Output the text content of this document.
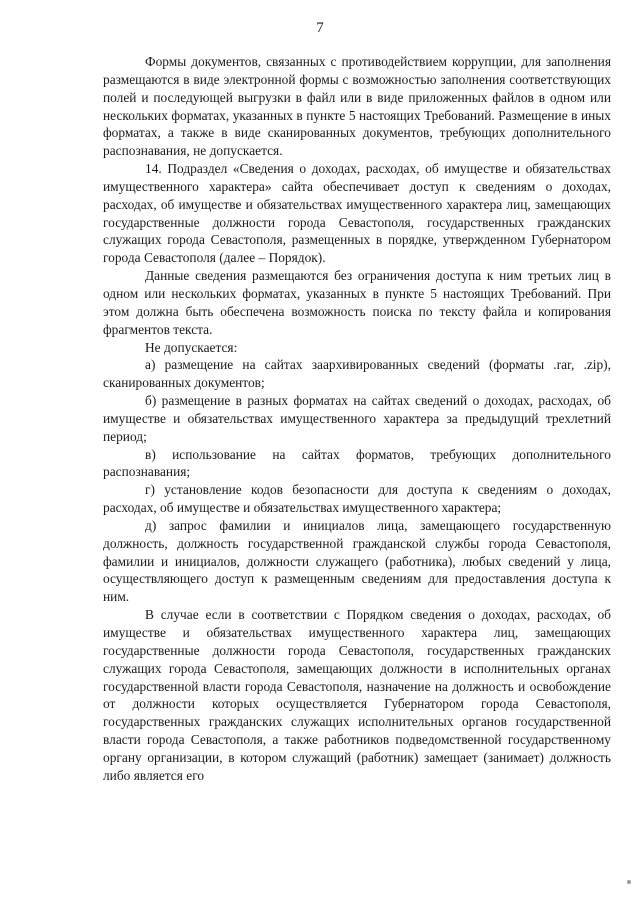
7

Формы документов, связанных с противодействием коррупции, для заполнения размещаются в виде электронной формы с возможностью заполнения соответствующих полей и последующей выгрузки в файл или в виде приложенных файлов в одном или нескольких форматах, указанных в пункте 5 настоящих Требований. Размещение в иных форматах, а также в виде сканированных документов, требующих дополнительного распознавания, не допускается.

14. Подраздел «Сведения о доходах, расходах, об имуществе и обязательствах имущественного характера» сайта обеспечивает доступ к сведениям о доходах, расходах, об имуществе и обязательствах имущественного характера лиц, замещающих государственные должности города Севастополя, государственных гражданских служащих города Севастополя, размещенных в порядке, утвержденном Губернатором города Севастополя (далее – Порядок).

Данные сведения размещаются без ограничения доступа к ним третьих лиц в одном или нескольких форматах, указанных в пункте 5 настоящих Требований. При этом должна быть обеспечена возможность поиска по тексту файла и копирования фрагментов текста.

Не допускается:

а) размещение на сайтах заархивированных сведений (форматы .rar, .zip), сканированных документов;

б) размещение в разных форматах на сайтах сведений о доходах, расходах, об имуществе и обязательствах имущественного характера за предыдущий трехлетний период;

в) использование на сайтах форматов, требующих дополнительного распознавания;

г) установление кодов безопасности для доступа к сведениям о доходах, расходах, об имуществе и обязательствах имущественного характера;

д) запрос фамилии и инициалов лица, замещающего государственную должность, должность государственной гражданской службы города Севастополя, фамилии и инициалов, должности служащего (работника), любых сведений у лица, осуществляющего доступ к размещенным сведениям для предоставления доступа к ним.

В случае если в соответствии с Порядком сведения о доходах, расходах, об имуществе и обязательствах имущественного характера лиц, замещающих государственные должности города Севастополя, государственных гражданских служащих города Севастополя, замещающих должности в исполнительных органах государственной власти города Севастополя, назначение на должность и освобождение от должности которых осуществляется Губернатором города Севастополя, государственных гражданских служащих исполнительных органов государственной власти города Севастополя, а также работников подведомственной государственному органу организации, в котором служащий (работник) замещает (занимает) должность либо является его
